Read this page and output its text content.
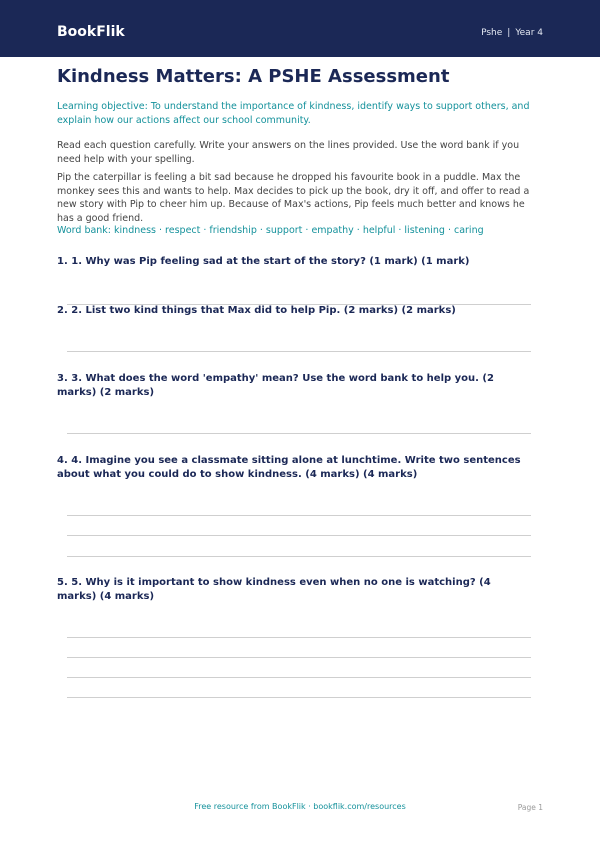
BookFlik	Pshe | Year 4
Kindness Matters: A PSHE Assessment
Learning objective: To understand the importance of kindness, identify ways to support others, and explain how our actions affect our school community.
Read each question carefully. Write your answers on the lines provided. Use the word bank if you need help with your spelling.
Pip the caterpillar is feeling a bit sad because he dropped his favourite book in a puddle. Max the monkey sees this and wants to help. Max decides to pick up the book, dry it off, and offer to read a new story with Pip to cheer him up. Because of Max's actions, Pip feels much better and knows he has a good friend.
Word bank: kindness · respect · friendship · support · empathy · helpful · listening · caring
1. 1. Why was Pip feeling sad at the start of the story? (1 mark) (1 mark)
2. 2. List two kind things that Max did to help Pip. (2 marks) (2 marks)
3. 3. What does the word 'empathy' mean? Use the word bank to help you. (2 marks) (2 marks)
4. 4. Imagine you see a classmate sitting alone at lunchtime. Write two sentences about what you could do to show kindness. (4 marks) (4 marks)
5. 5. Why is it important to show kindness even when no one is watching? (4 marks) (4 marks)
Free resource from BookFlik · bookflik.com/resources	Page 1
